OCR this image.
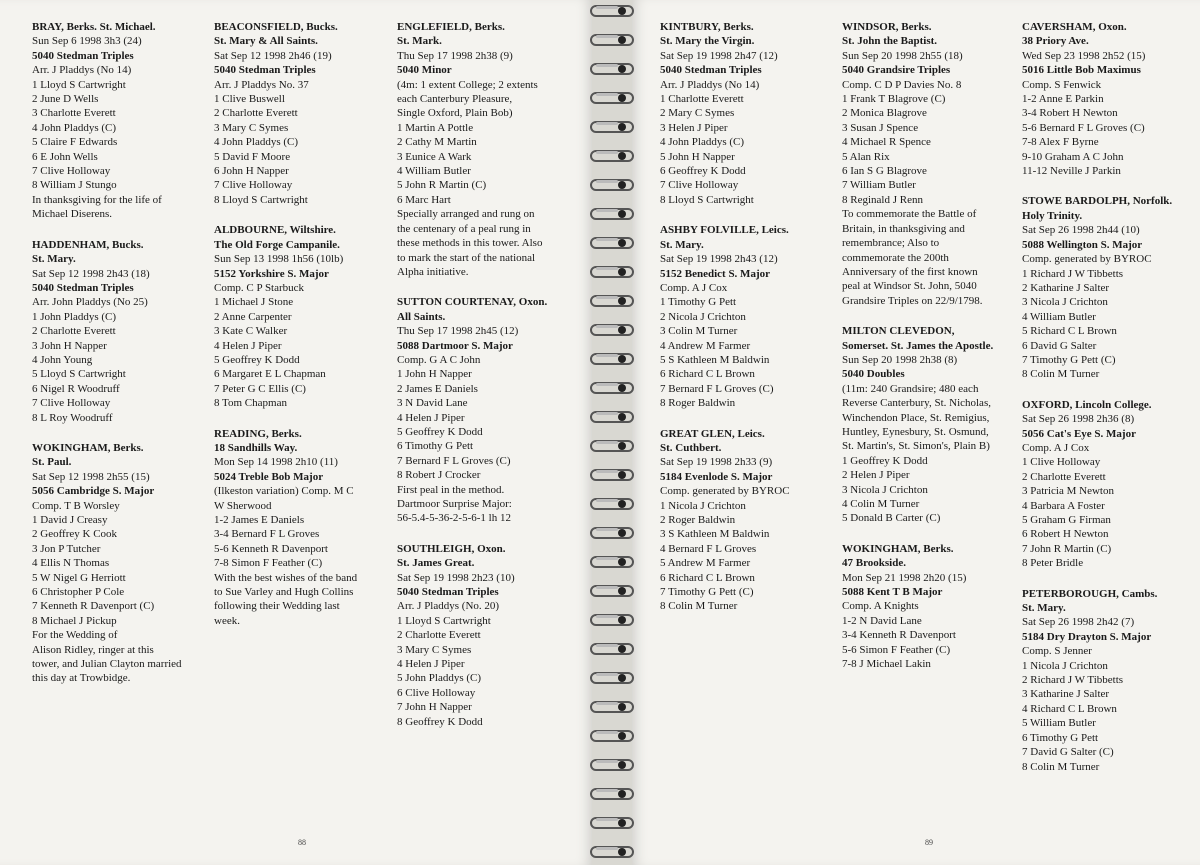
BRAY, Berks. St. Michael.
Sun Sep 6 1998 3h3 (24)
5040 Stedman Triples
Arr. J Pladdys (No 14)
1 Lloyd S Cartwright
2 June D Wells
3 Charlotte Everett
4 John Pladdys (C)
5 Claire F Edwards
6 E John Wells
7 Clive Holloway
8 William J Stungo
In thanksgiving for the life of
Michael Diserens.
HADDENHAM, Bucks.
St. Mary.
Sat Sep 12 1998 2h43 (18)
5040 Stedman Triples
Arr. John Pladdys (No 25)
1 John Pladdys (C)
2 Charlotte Everett
3 John H Napper
4 John Young
5 Lloyd S Cartwright
6 Nigel R Woodruff
7 Clive Holloway
8 L Roy Woodruff
WOKINGHAM, Berks.
St. Paul.
Sat Sep 12 1998 2h55 (15)
5056 Cambridge S. Major
Comp. T B Worsley
1 David J Creasy
2 Geoffrey K Cook
3 Jon P Tutcher
4 Ellis N Thomas
5 W Nigel G Herriott
6 Christopher P Cole
7 Kenneth R Davenport (C)
8 Michael J Pickup
For the Wedding of
Alison Ridley, ringer at this
tower, and Julian Clayton married
this day at Trowbidge.
BEACONSFIELD, Bucks.
St. Mary & All Saints.
Sat Sep 12 1998 2h46 (19)
5040 Stedman Triples
Arr. J Pladdys No. 37
1 Clive Buswell
2 Charlotte Everett
3 Mary C Symes
4 John Pladdys (C)
5 David F Moore
6 John H Napper
7 Clive Holloway
8 Lloyd S Cartwright
ALDBOURNE, Wiltshire.
The Old Forge Campanile.
Sun Sep 13 1998 1h56 (10lb)
5152 Yorkshire S. Major
Comp. C P Starbuck
1 Michael J Stone
2 Anne Carpenter
3 Kate C Walker
4 Helen J Piper
5 Geoffrey K Dodd
6 Margaret E L Chapman
7 Peter G C Ellis (C)
8 Tom Chapman
READING, Berks.
18 Sandhills Way.
Mon Sep 14 1998 2h10 (11)
5024 Treble Bob Major
(Ilkeston variation) Comp. M C
W Sherwood
1-2 James E Daniels
3-4 Bernard F L Groves
5-6 Kenneth R Davenport
7-8 Simon F Feather (C)
With the best wishes of the band
to Sue Varley and Hugh Collins
following their Wedding last
week.
ENGLEFIELD, Berks.
St. Mark.
Thu Sep 17 1998 2h38 (9)
5040 Minor
(4m: 1 extent College; 2 extents
each Canterbury Pleasure,
Single Oxford, Plain Bob)
1 Martin A Pottle
2 Cathy M Martin
3 Eunice A Wark
4 William Butler
5 John R Martin (C)
6 Marc Hart
Specially arranged and rung on
the centenary of a peal rung in
these methods in this tower. Also
to mark the start of the national
Alpha initiative.
SUTTON COURTENAY, Oxon.
All Saints.
Thu Sep 17 1998 2h45 (12)
5088 Dartmoor S. Major
Comp. G A C John
1 John H Napper
2 James E Daniels
3 N David Lane
4 Helen J Piper
5 Geoffrey K Dodd
6 Timothy G Pett
7 Bernard F L Groves (C)
8 Robert J Crocker
First peal in the method.
Dartmoor Surprise Major:
56-5.4-5-36-2-5-6-1 lh 12
SOUTHLEIGH, Oxon.
St. James Great.
Sat Sep 19 1998 2h23 (10)
5040 Stedman Triples
Arr. J Pladdys (No. 20)
1 Lloyd S Cartwright
2 Charlotte Everett
3 Mary C Symes
4 Helen J Piper
5 John Pladdys (C)
6 Clive Holloway
7 John H Napper
8 Geoffrey K Dodd
KINTBURY, Berks.
St. Mary the Virgin.
Sat Sep 19 1998 2h47 (12)
5040 Stedman Triples
Arr. J Pladdys (No 14)
1 Charlotte Everett
2 Mary C Symes
3 Helen J Piper
4 John Pladdys (C)
5 John H Napper
6 Geoffrey K Dodd
7 Clive Holloway
8 Lloyd S Cartwright
ASHBY FOLVILLE, Leics.
St. Mary.
Sat Sep 19 1998 2h43 (12)
5152 Benedict S. Major
Comp. A J Cox
1 Timothy G Pett
2 Nicola J Crichton
3 Colin M Turner
4 Andrew M Farmer
5 S Kathleen M Baldwin
6 Richard C L Brown
7 Bernard F L Groves (C)
8 Roger Baldwin
GREAT GLEN, Leics.
St. Cuthbert.
Sat Sep 19 1998 2h33 (9)
5184 Evenlode S. Major
Comp. generated by BYROC
1 Nicola J Crichton
2 Roger Baldwin
3 S Kathleen M Baldwin
4 Bernard F L Groves
5 Andrew M Farmer
6 Richard C L Brown
7 Timothy G Pett (C)
8 Colin M Turner
WINDSOR, Berks.
St. John the Baptist.
Sun Sep 20 1998 2h55 (18)
5040 Grandsire Triples
Comp. C D P Davies No. 8
1 Frank T Blagrove (C)
2 Monica Blagrove
3 Susan J Spence
4 Michael R Spence
5 Alan Rix
6 Ian S G Blagrove
7 William Butler
8 Reginald J Renn
To commemorate the Battle of
Britain, in thanksgiving and
remembrance; Also to
commemorate the 200th
Anniversary of the first known
peal at Windsor St. John, 5040
Grandsire Triples on 22/9/1798.
MILTON CLEVEDON,
Somerset. St. James the Apostle.
Sun Sep 20 1998 2h38 (8)
5040 Doubles
(11m: 240 Grandsire; 480 each
Reverse Canterbury, St. Nicholas,
Winchendon Place, St. Remigius,
Huntley, Eynesbury, St. Osmund,
St. Martin's, St. Simon's, Plain B)
1 Geoffrey K Dodd
2 Helen J Piper
3 Nicola J Crichton
4 Colin M Turner
5 Donald B Carter (C)
WOKINGHAM, Berks.
47 Brookside.
Mon Sep 21 1998 2h20 (15)
5088 Kent T B Major
Comp. A Knights
1-2 N David Lane
3-4 Kenneth R Davenport
5-6 Simon F Feather (C)
7-8 J Michael Lakin
CAVERSHAM, Oxon.
38 Priory Ave.
Wed Sep 23 1998 2h52 (15)
5016 Little Bob Maximus
Comp. S Fenwick
1-2 Anne E Parkin
3-4 Robert H Newton
5-6 Bernard F L Groves (C)
7-8 Alex F Byrne
9-10 Graham A C John
11-12 Neville J Parkin
STOWE BARDOLPH, Norfolk.
Holy Trinity.
Sat Sep 26 1998 2h44 (10)
5088 Wellington S. Major
Comp. generated by BYROC
1 Richard J W Tibbetts
2 Katharine J Salter
3 Nicola J Crichton
4 William Butler
5 Richard C L Brown
6 David G Salter
7 Timothy G Pett (C)
8 Colin M Turner
OXFORD, Lincoln College.
Sat Sep 26 1998 2h36 (8)
5056 Cat's Eye S. Major
Comp. A J Cox
1 Clive Holloway
2 Charlotte Everett
3 Patricia M Newton
4 Barbara A Foster
5 Graham G Firman
6 Robert H Newton
7 John R Martin (C)
8 Peter Bridle
PETERBOROUGH, Cambs.
St. Mary.
Sat Sep 26 1998 2h42 (7)
5184 Dry Drayton S. Major
Comp. S Jenner
1 Nicola J Crichton
2 Richard J W Tibbetts
3 Katharine J Salter
4 Richard C L Brown
5 William Butler
6 Timothy G Pett
7 David G Salter (C)
8 Colin M Turner
88	89
